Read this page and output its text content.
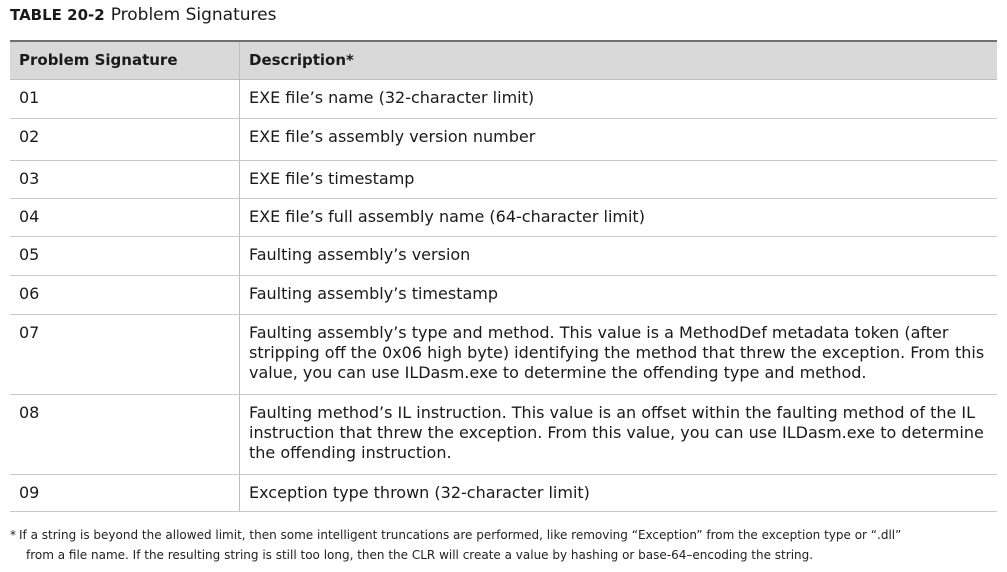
TABLE 20-2 Problem Signatures
Problem Signature	Description*
01	EXE file’s name (32-character limit)
02	EXE file’s assembly version number
03	EXE file’s timestamp
04	EXE file’s full assembly name (64-character limit)
05	Faulting assembly’s version
06	Faulting assembly’s timestamp
07	Faulting assembly’s type and method. This value is a MethodDef metadata token (after stripping off the 0x06 high byte) identifying the method that threw the exception. From this value, you can use ILDasm.exe to determine the offending type and method.
08	Faulting method’s IL instruction. This value is an offset within the faulting method of the IL instruction that threw the exception. From this value, you can use ILDasm.exe to determine the offending instruction.
09	Exception type thrown (32-character limit)
* If a string is beyond the allowed limit, then some intelligent truncations are performed, like removing “Exception” from the exception type or “.dll”
from a file name. If the resulting string is still too long, then the CLR will create a value by hashing or base-64–encoding the string.
